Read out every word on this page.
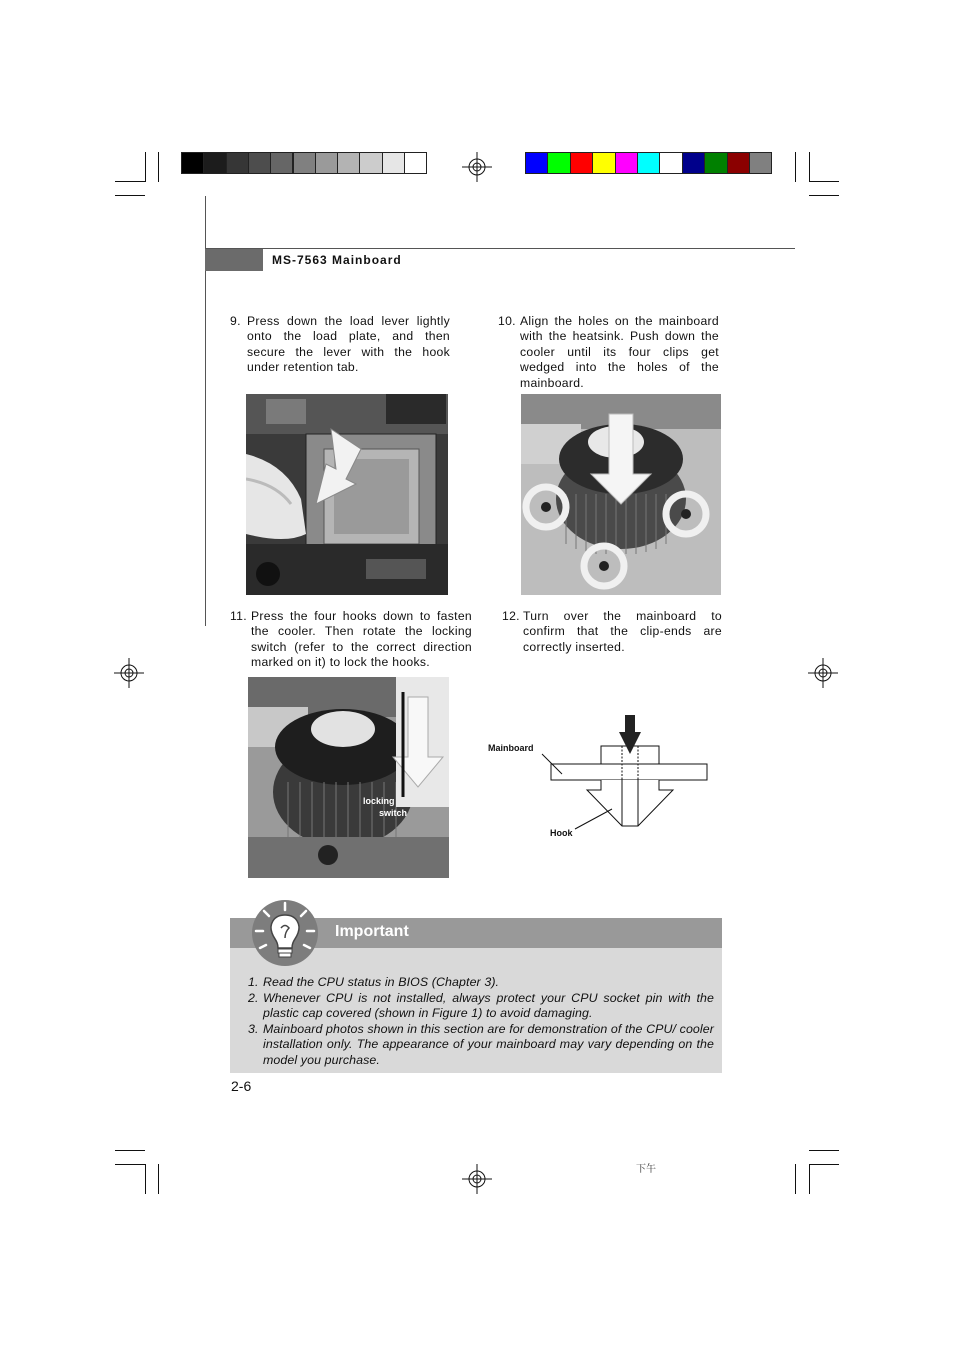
MS-7563 Mainboard
9. Press down the load lever lightly onto the load plate, and then secure the lever with the hook under retention tab.
10. Align the holes on the mainboard with the heatsink. Push down the cooler until its four clips get wedged into the holes of the mainboard.
11. Press the four hooks down to fasten the cooler. Then rotate the locking switch (refer to the correct direction marked on it) to lock the hooks.
12. Turn over the mainboard to confirm that the clip-ends are correctly inserted.
locking
switch
Mainboard
Hook
Important
1. Read the CPU status in BIOS (Chapter 3).
2. Whenever CPU is not installed, always protect your CPU socket pin with the plastic cap covered (shown in Figure 1) to avoid damaging.
3. Mainboard photos shown in this section are for demonstration of the CPU/ cooler installation only. The appearance of your mainboard may vary depending on the model you purchase.
2-6
下午
